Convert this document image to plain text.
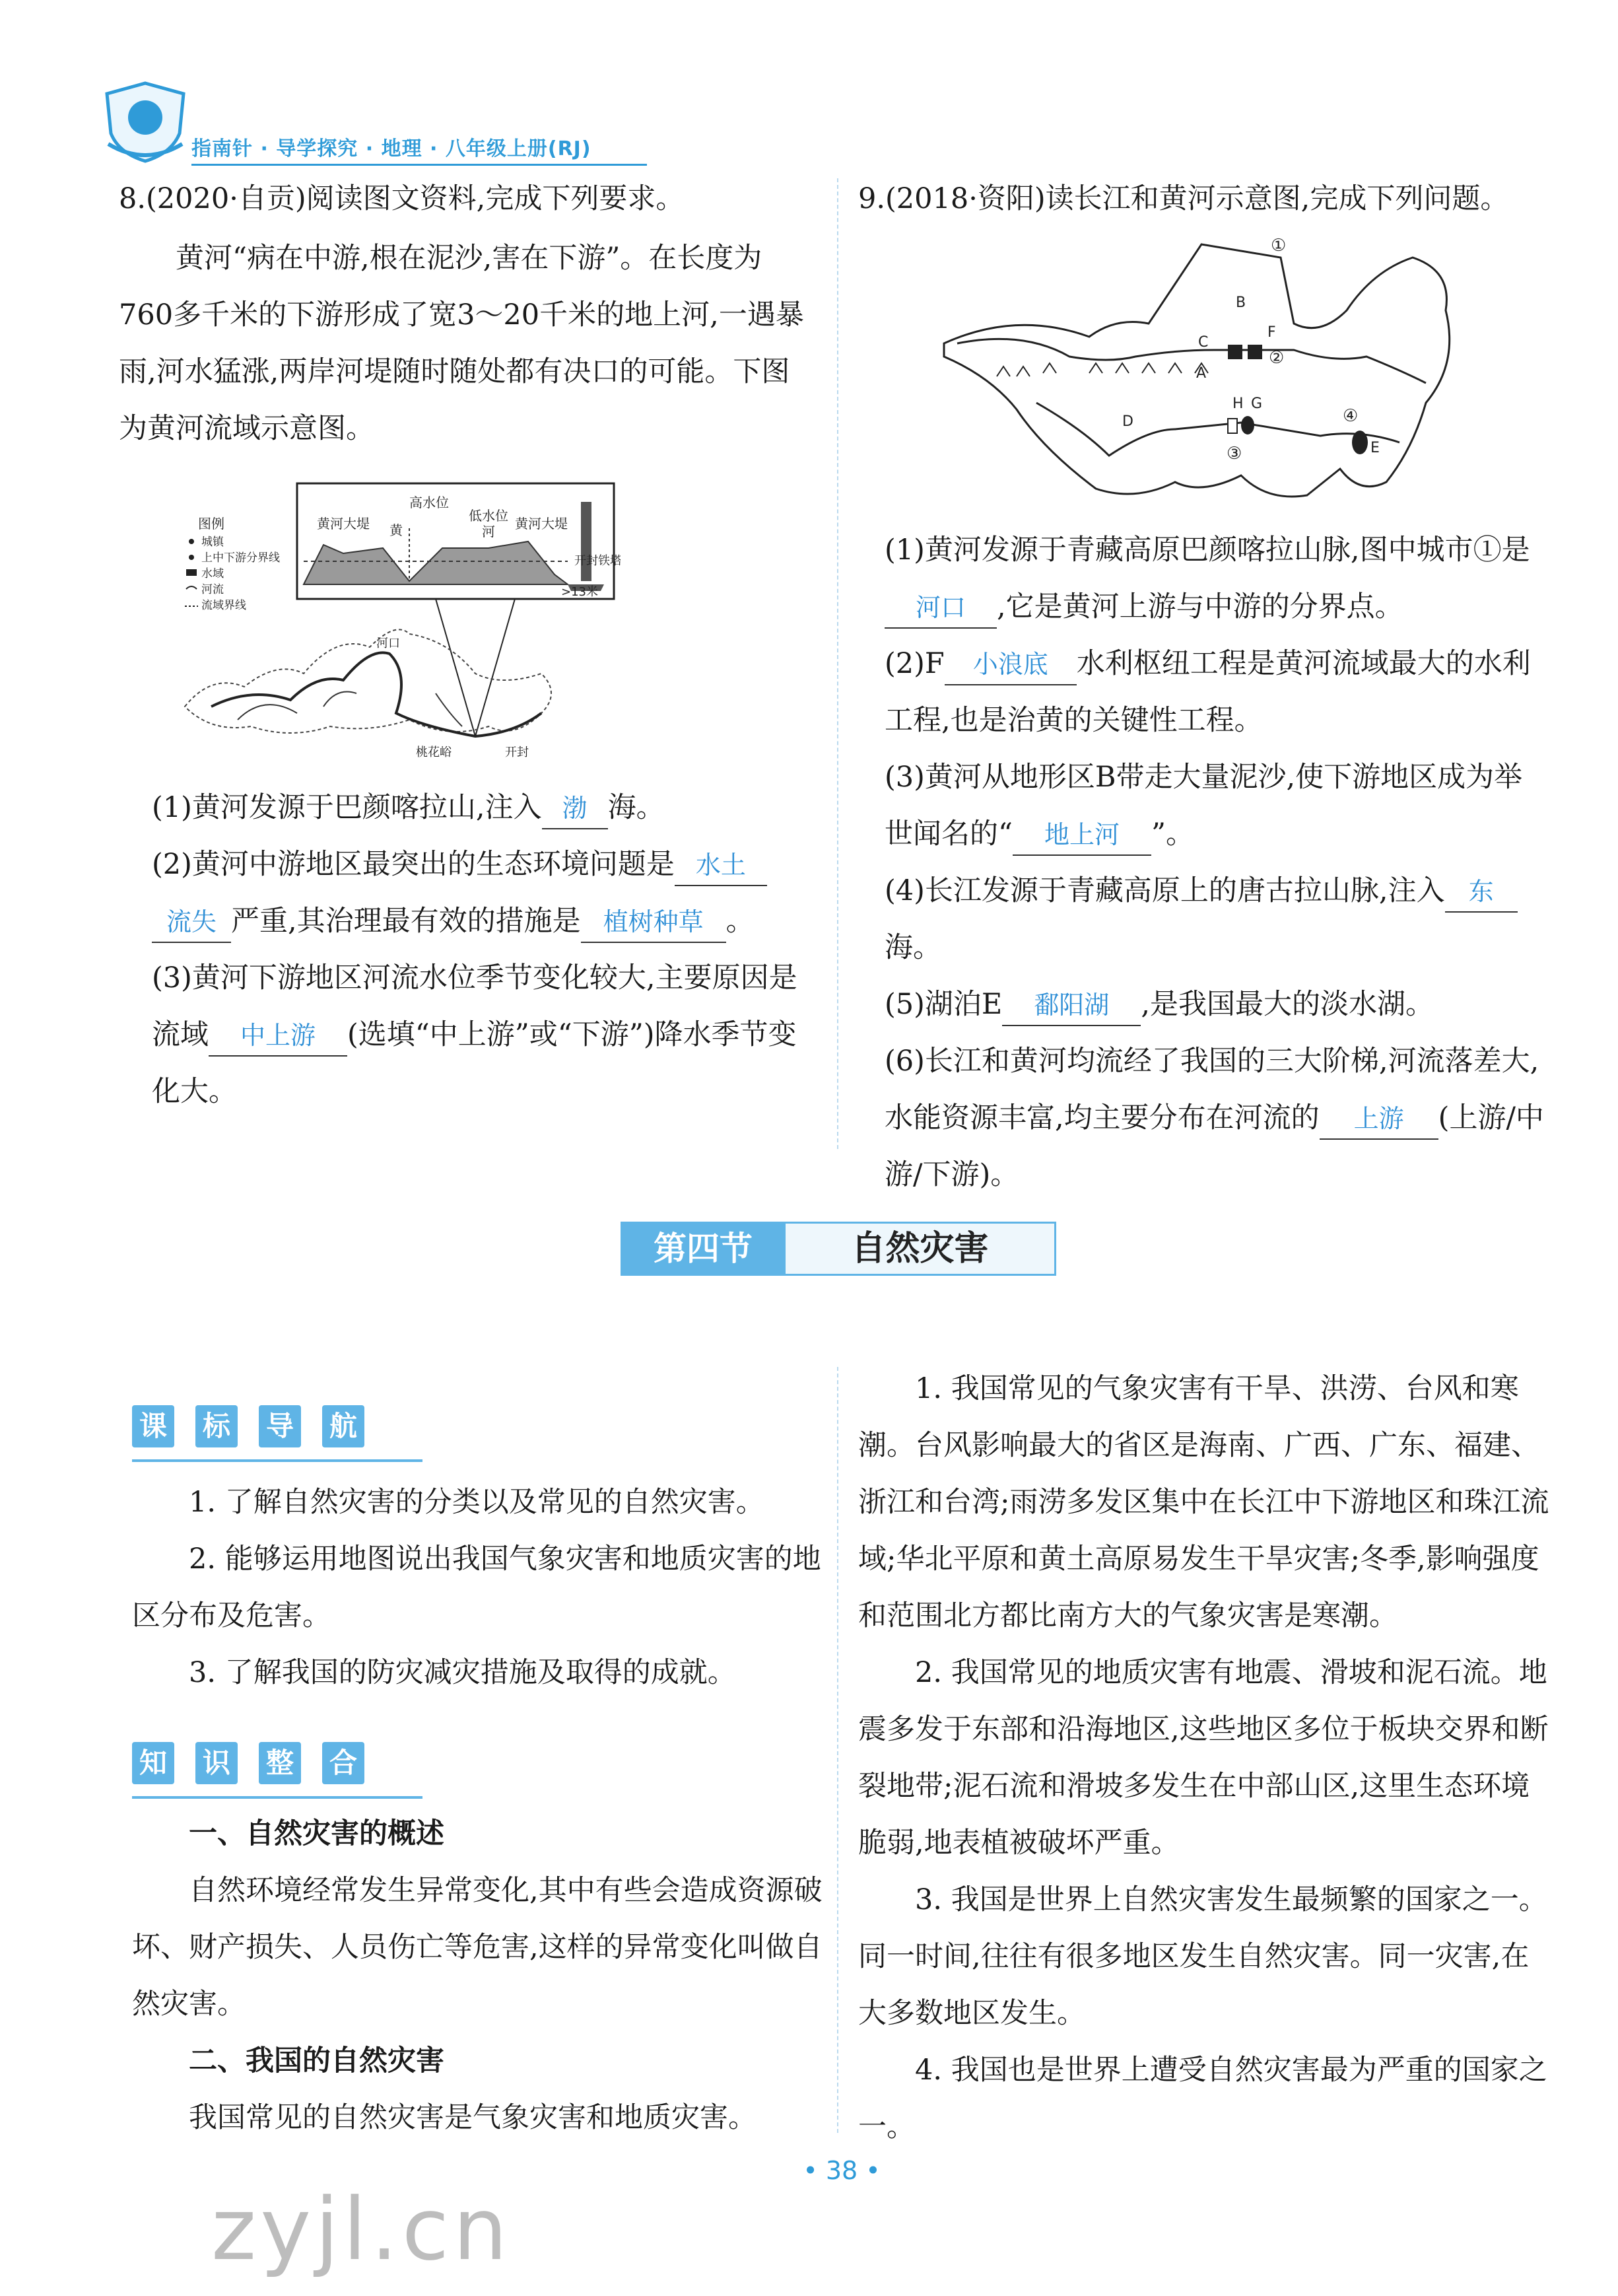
指南针 · 导学探究 · 地理 · 八年级上册(RJ)

8.(2020·自贡)阅读图文资料,完成下列要求。

黄河“病在中游,根在泥沙,害在下游”。在长度为760多千米的下游形成了宽3～20千米的地上河,一遇暴雨,河水猛涨,两岸河堤随时随处都有决口的可能。下图为黄河流域示意图。

黄河大堤
高水位
黄
低水位
河 黄河大堤
开封铁塔
>13米
图例
城镇
上中下游分界线
水域
河流
流域界线
河口
桃花峪	开封

(1)黄河发源于巴颜喀拉山,注入 渤 海。

(2)黄河中游地区最突出的生态环境问题是 水土
流失 严重,其治理最有效的措施是 植树种草 。

(3)黄河下游地区河流水位季节变化较大,主要原因是流域 中上游 (选填“中上游”或“下游”)降水季节变化大。

9.(2018·资阳)读长江和黄河示意图,完成下列问题。

①
②
③
④
A
B
C
D
E
F
G
H

(1)黄河发源于青藏高原巴颜喀拉山脉,图中城市①是河口 ,它是黄河上游与中游的分界点。

(2)F 小浪底 水利枢纽工程是黄河流域最大的水利工程,也是治黄的关键性工程。

(3)黄河从地形区B带走大量泥沙,使下游地区成为举世闻名的“ 地上河 ”。

(4)长江发源于青藏高原上的唐古拉山脉,注入 东海。

(5)湖泊E 鄱阳湖 ,是我国最大的淡水湖。

(6)长江和黄河均流经了我国的三大阶梯,河流落差大,水能资源丰富,均主要分布在河流的 上游 (上游/中游/下游)。

第四节	自然灾害
课 标 导 航

1. 了解自然灾害的分类以及常见的自然灾害。

2. 能够运用地图说出我国气象灾害和地质灾害的地区分布及危害。

3. 了解我国的防灾减灾措施及取得的成就。

知 识 整 合

一、自然灾害的概述

自然环境经常发生异常变化,其中有些会造成资源破坏、财产损失、人员伤亡等危害,这样的异常变化叫做自然灾害。

二、我国的自然灾害

我国常见的自然灾害是气象灾害和地质灾害。

1. 我国常见的气象灾害有干旱、洪涝、台风和寒潮。台风影响最大的省区是海南、广西、广东、福建、浙江和台湾;雨涝多发区集中在长江中下游地区和珠江流域;华北平原和黄土高原易发生干旱灾害;冬季,影响强度和范围北方都比南方大的气象灾害是寒潮。

2. 我国常见的地质灾害有地震、滑坡和泥石流。地震多发于东部和沿海地区,这些地区多位于板块交界和断裂地带;泥石流和滑坡多发生在中部山区,这里生态环境脆弱,地表植被破坏严重。

3. 我国是世界上自然灾害发生最频繁的国家之一。同一时间,往往有很多地区发生自然灾害。同一灾害,在大多数地区发生。

4. 我国也是世界上遭受自然灾害最为严重的国家之一。

• 38 •
zyjl.cn
